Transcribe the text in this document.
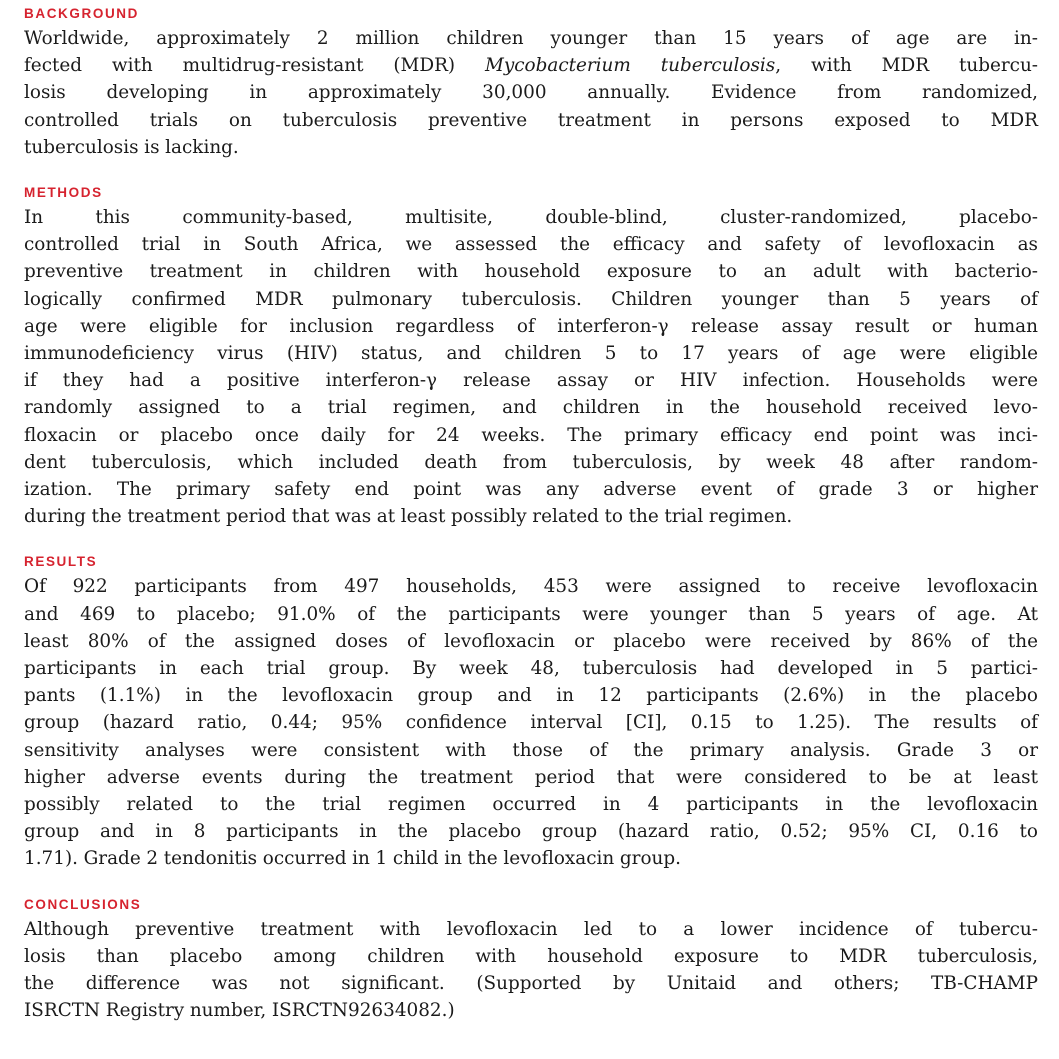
BACKGROUND

Worldwide, approximately 2 million children younger than 15 years of age are in-
fected with multidrug-resistant (MDR) Mycobacterium tuberculosis, with MDR tubercu-
losis developing in approximately 30,000 annually. Evidence from randomized,
controlled trials on tuberculosis preventive treatment in persons exposed to MDR
tuberculosis is lacking.

METHODS

In this community-based, multisite, double-blind, cluster-randomized, placebo-
controlled trial in South Africa, we assessed the efficacy and safety of levofloxacin as
preventive treatment in children with household exposure to an adult with bacterio-
logically confirmed MDR pulmonary tuberculosis. Children younger than 5 years of
age were eligible for inclusion regardless of interferon-γ release assay result or human
immunodeficiency virus (HIV) status, and children 5 to 17 years of age were eligible
if they had a positive interferon-γ release assay or HIV infection. Households were
randomly assigned to a trial regimen, and children in the household received levo-
floxacin or placebo once daily for 24 weeks. The primary efficacy end point was inci-
dent tuberculosis, which included death from tuberculosis, by week 48 after random-
ization. The primary safety end point was any adverse event of grade 3 or higher
during the treatment period that was at least possibly related to the trial regimen.

RESULTS

Of 922 participants from 497 households, 453 were assigned to receive levofloxacin
and 469 to placebo; 91.0% of the participants were younger than 5 years of age. At
least 80% of the assigned doses of levofloxacin or placebo were received by 86% of the
participants in each trial group. By week 48, tuberculosis had developed in 5 partici-
pants (1.1%) in the levofloxacin group and in 12 participants (2.6%) in the placebo
group (hazard ratio, 0.44; 95% confidence interval [CI], 0.15 to 1.25). The results of
sensitivity analyses were consistent with those of the primary analysis. Grade 3 or
higher adverse events during the treatment period that were considered to be at least
possibly related to the trial regimen occurred in 4 participants in the levofloxacin
group and in 8 participants in the placebo group (hazard ratio, 0.52; 95% CI, 0.16 to
1.71). Grade 2 tendonitis occurred in 1 child in the levofloxacin group.

CONCLUSIONS

Although preventive treatment with levofloxacin led to a lower incidence of tubercu-
losis than placebo among children with household exposure to MDR tuberculosis,
the difference was not significant. (Supported by Unitaid and others; TB-CHAMP
ISRCTN Registry number, ISRCTN92634082.)
